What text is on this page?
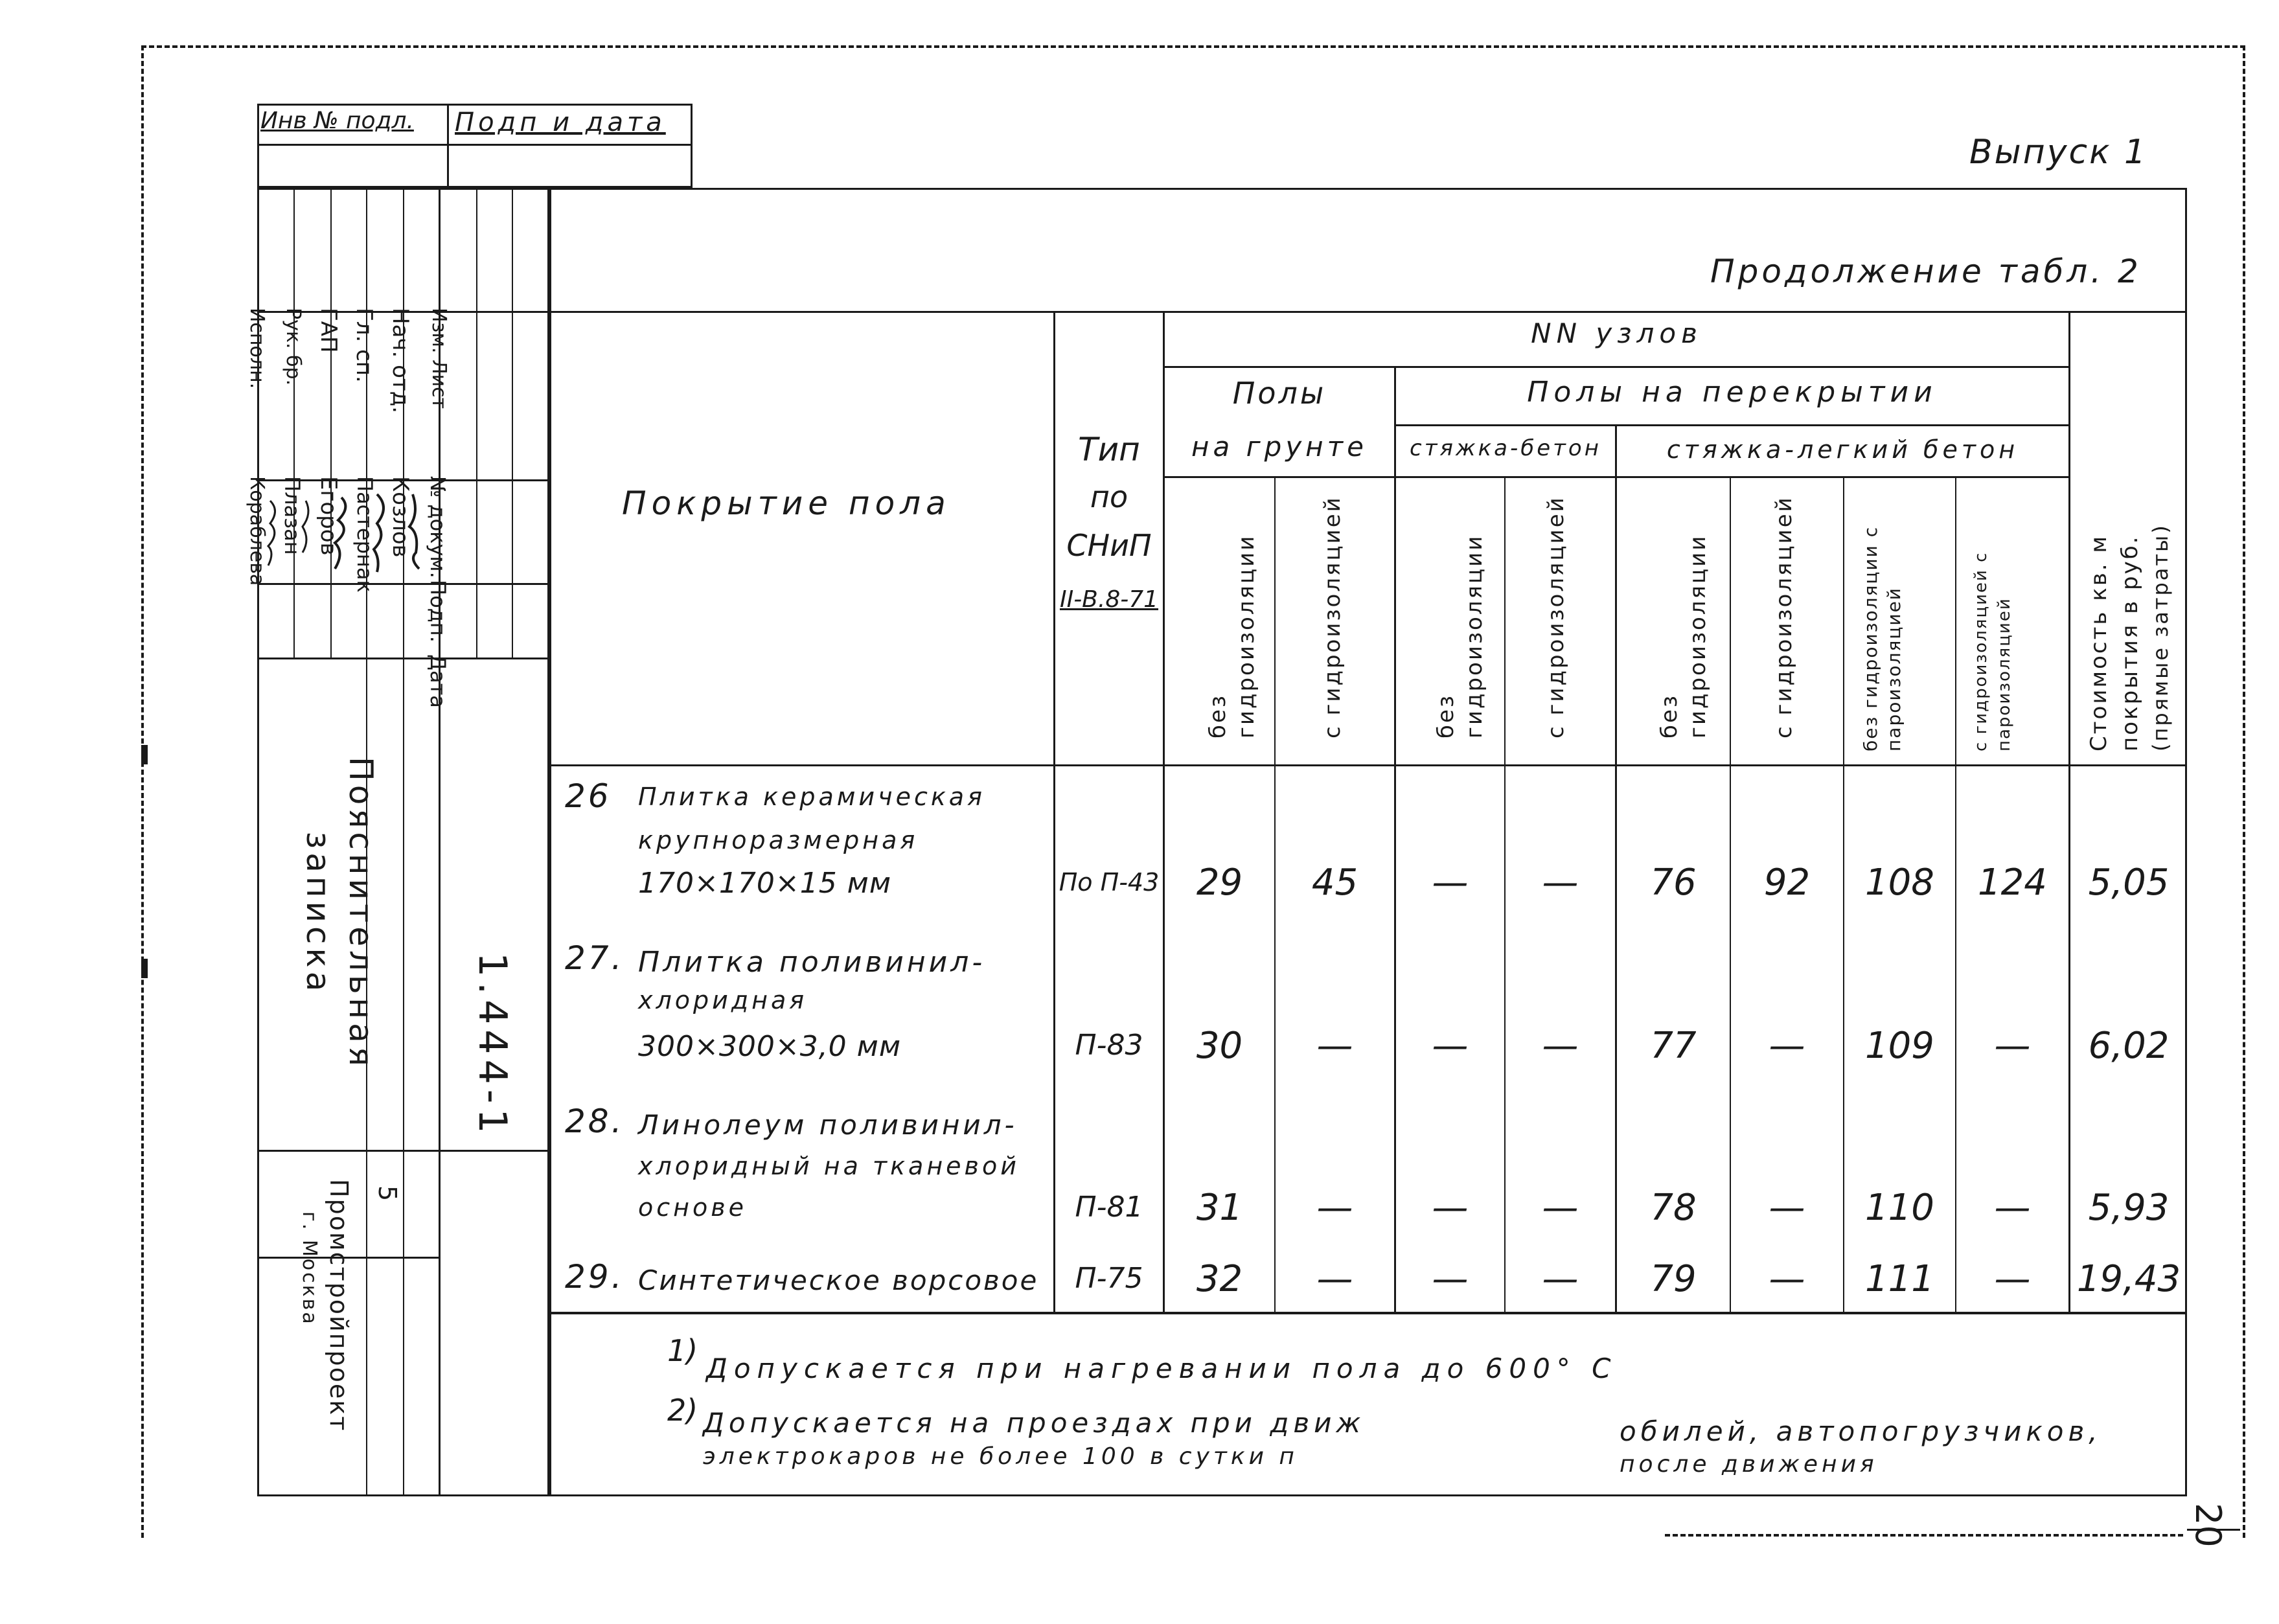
Выпуск 1
Продолжение табл. 2
Покрытие пола
Тип
по
СНиП
II-В.8-71
NN узлов
Полы
на грунте
Полы на перекрытии
стяжка-бетон	стяжка-легкий бетон
без гидроизоляции	с гидроизоляцией	без гидроизоляции	с гидроизоляцией	без гидроизоляции	с гидроизоляцией	без гидроизоляции с пароизоляцией	с гидроизоляцией с пароизоляцией	Стоимость кв. м покрытия в руб. (прямые затраты)
26 Плитка керамическая
крупноразмерная
170×170×15 мм	По П-43	29	45	—	—	76	92	108	124	5,05
27. Плитка поливинил-
хлоридная
300×300×3,0 мм	П-83	30	—	—	—	77	—	109	—	6,02
28. Линолеум поливинил-
хлоридный на тканевой
основе	П-81	31	—	—	—	78	—	110	—	5,93
29. Синтетическое ворсовое	П-75	32	—	—	—	79	—	111	—	19,43
1)
Допускается при нагревании пола до 600° С
2) Допускается на проездах при движ	обилей, автопогрузчиков,
электрокаров не более 100 в сутки п	после движения
20
Инв № подл. Подп и дата
Нач. отд.
Гл. сп.
ГАП
Рук. бр.
Исполн.	Изм. Лист
Козлов
Пастернак
Егоров
Плазан
Кораблева	№ докум.
Подп.
Дата
Пояснительная записка
1.444-1
Промстройпроект
г. Москва
5
